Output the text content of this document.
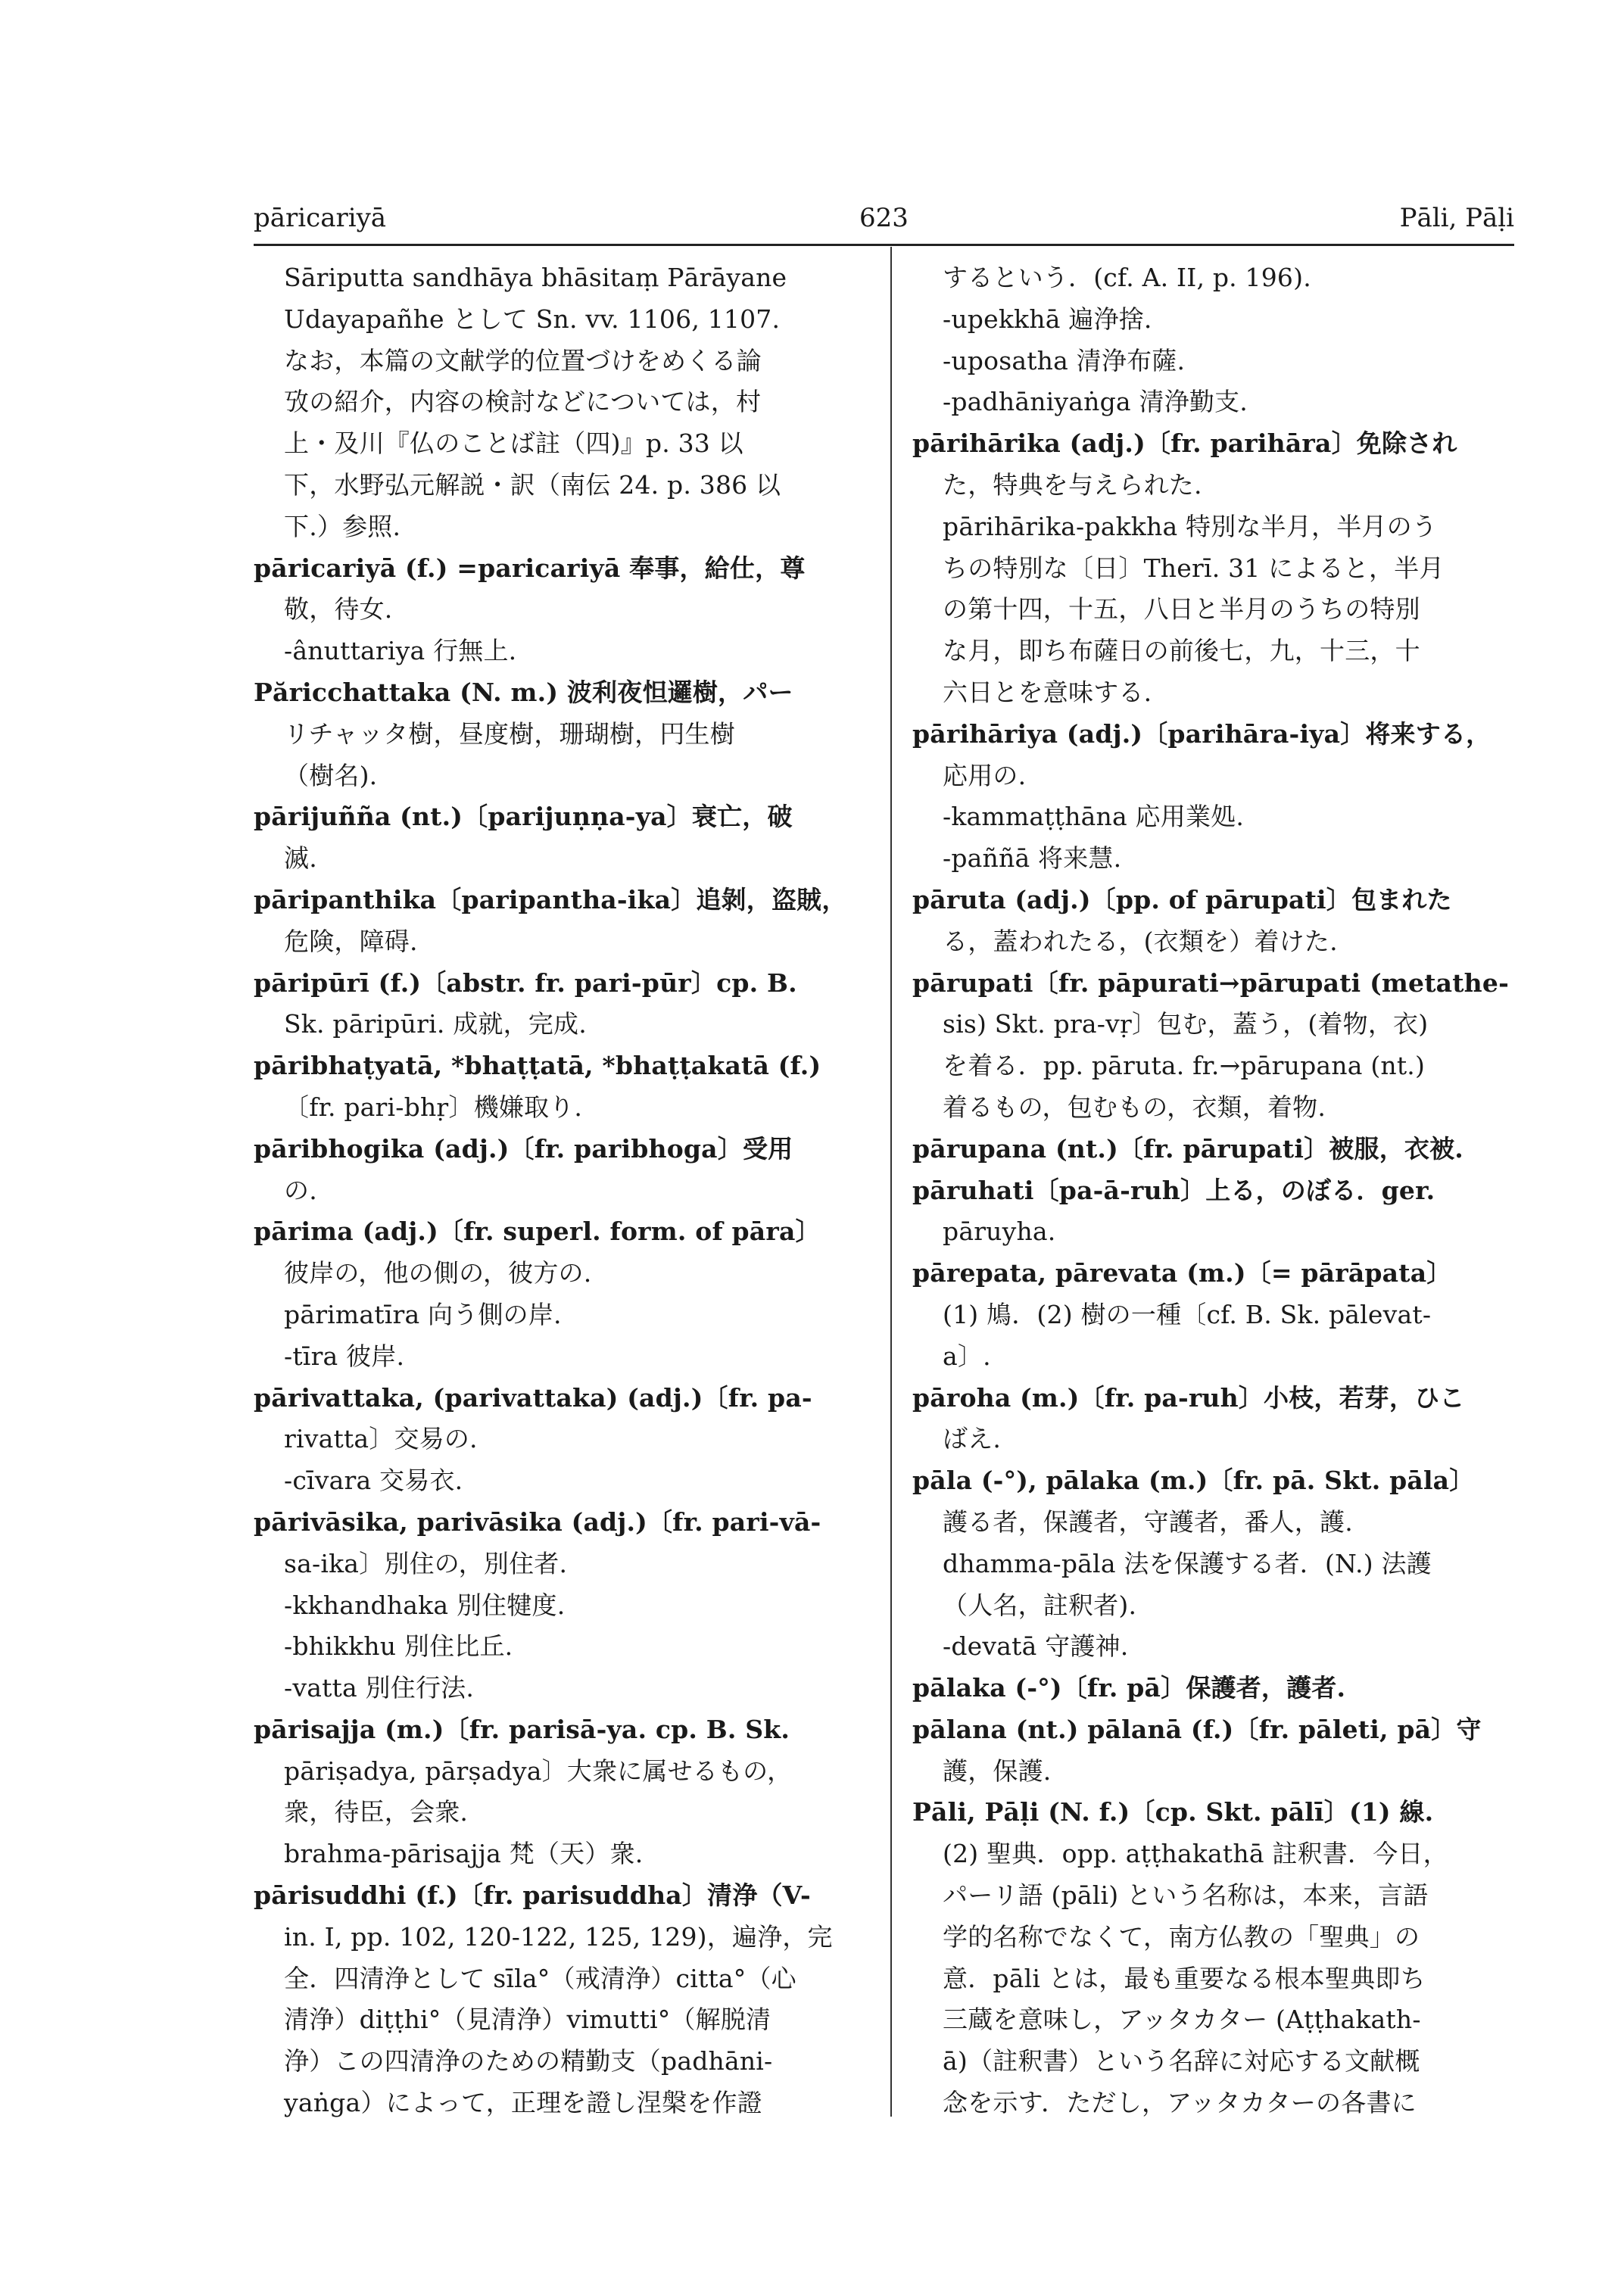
pāricariyā	623	Pāli, Pāḷi
Sāriputta sandhāya bhāsitaṃ Pārāyane
Udayapañhe として Sn. vv. 1106, 1107.
なお，本篇の文献学的位置づけをめくる論
攷の紹介，内容の検討などについては，村
上・及川『仏のことば註（四)』p. 33 以
下，水野弘元解説・訳（南伝 24. p. 386 以
下.）参照.
pāricariyā (f.) =paricariyā 奉事，給仕，尊
敬，待女.
-ânuttariya 行無上.
Păricchattaka (N. m.) 波利夜怛邏樹，パー
リチャッタ樹，昼度樹，珊瑚樹，円生樹
（樹名).
pārijuñña (nt.)〔parijuṇṇa-ya〕衰亡，破
滅.
pāripanthika〔paripantha-ika〕追剝，盗賊，
危険，障碍.
pāripūrī (f.)〔abstr. fr. pari-pūr〕cp. B.
Sk. pāripūri. 成就，完成.
pāribhaṭyatā, *bhaṭṭatā, *bhaṭṭakatā (f.)
〔fr. pari-bhṛ〕機嫌取り.
pāribhogika (adj.)〔fr. paribhoga〕受用
の.
pārima (adj.)〔fr. superl. form. of pāra〕
彼岸の，他の側の，彼方の.
pārimatīra 向う側の岸.
-tīra 彼岸.
pārivattaka, (parivattaka) (adj.)〔fr. pa-
rivatta〕交易の.
-cīvara 交易衣.
pārivāsika, parivāsika (adj.)〔fr. pari-vā-
sa-ika〕別住の，別住者.
-kkhandhaka 別住犍度.
-bhikkhu 別住比丘.
-vatta 別住行法.
pārisajja (m.)〔fr. parisā-ya. cp. B. Sk.
pāriṣadya, pārṣadya〕大衆に属せるもの，
衆，待臣，会衆.
brahma-pārisajja 梵（天）衆.
pārisuddhi (f.)〔fr. parisuddha〕清浄（V-
in. I, pp. 102, 120-122, 125, 129)，遍浄，完
全．四清浄として sīla°（戒清浄）citta°（心
清浄）diṭṭhi°（見清浄）vimutti°（解脱清
浄）この四清浄のための精勤支（padhāni-
yaṅga）によって，正理を證し涅槃を作證
するという．(cf. A. II, p. 196).
-upekkhā 遍浄捨.
-uposatha 清浄布薩.
-padhāniyaṅga 清浄勤支.
pārihārika (adj.)〔fr. parihāra〕免除され
た，特典を与えられた.
pārihārika-pakkha 特別な半月，半月のう
ちの特別な〔日〕Therī. 31 によると，半月
の第十四，十五，八日と半月のうちの特別
な月，即ち布薩日の前後七，九，十三，十
六日とを意味する.
pārihāriya (adj.)〔parihāra-iya〕将来する，
応用の.
-kammaṭṭhāna 応用業処.
-paññā 将来慧.
pāruta (adj.)〔pp. of pārupati〕包まれた
る，蓋われたる，(衣類を）着けた.
pārupati〔fr. pāpurati→pārupati (metathe-
sis) Skt. pra-vṛ〕包む，蓋う，(着物，衣)
を着る．pp. pāruta. fr.→pārupana (nt.)
着るもの，包むもの，衣類，着物.
pārupana (nt.)〔fr. pārupati〕被服，衣被.
pāruhati〔pa-ā-ruh〕上る，のぼる．ger.
pāruyha.
pārepata, pārevata (m.)〔= pārāpata〕
(1) 鳩．(2) 樹の一種〔cf. B. Sk. pālevat-
a〕.
pāroha (m.)〔fr. pa-ruh〕小枝，若芽，ひこ
ばえ.
pāla (-°), pālaka (m.)〔fr. pā. Skt. pāla〕
護る者，保護者，守護者，番人，護.
dhamma-pāla 法を保護する者．(N.) 法護
（人名，註釈者).
-devatā 守護神.
pālaka (-°)〔fr. pā〕保護者，護者.
pālana (nt.) pālanā (f.)〔fr. pāleti, pā〕守
護，保護.
Pāli, Pāḷi (N. f.)〔cp. Skt. pālī〕(1) 線.
(2) 聖典．opp. aṭṭhakathā 註釈書．今日，
パーリ語 (pāli) という名称は，本来，言語
学的名称でなくて，南方仏教の「聖典」の
意．pāli とは，最も重要なる根本聖典即ち
三蔵を意味し，アッタカター (Aṭṭhakath-
ā)（註釈書）という名辞に対応する文献概
念を示す．ただし，アッタカターの各書に
